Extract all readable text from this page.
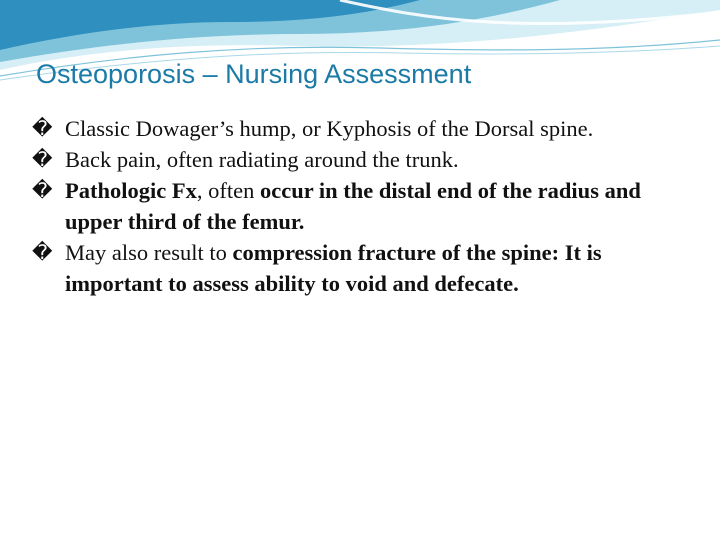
Osteoporosis – Nursing Assessment
� Classic Dowager’s hump, or Kyphosis of the Dorsal spine.
� Back pain, often radiating around the trunk.
� Pathologic Fx, often occur in the distal end of the radius and upper third of the femur.
� May also result to compression fracture of the spine: It is important to assess ability to void and defecate.
